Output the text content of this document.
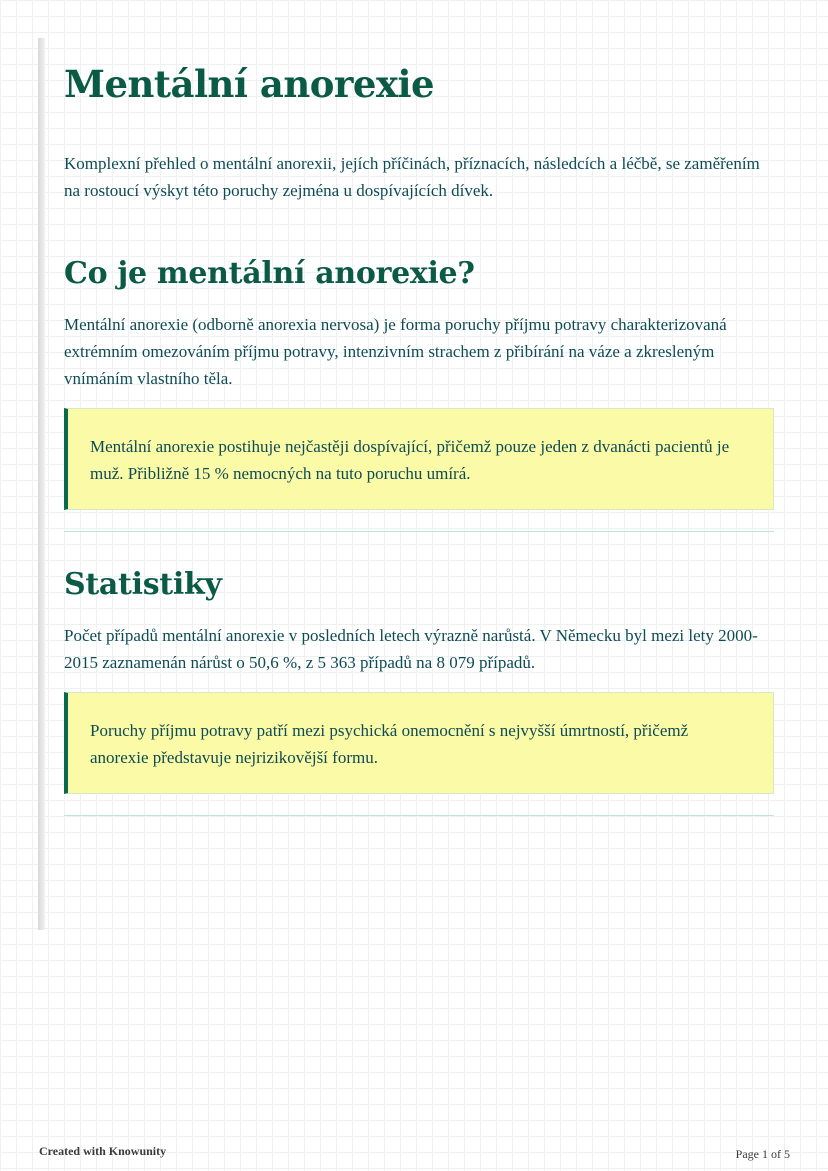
Mentální anorexie

Komplexní přehled o mentální anorexii, jejích příčinách, příznacích, následcích a léčbě, se zaměřením na rostoucí výskyt této poruchy zejména u dospívajících dívek.

Co je mentální anorexie?

Mentální anorexie (odborně anorexia nervosa) je forma poruchy příjmu potravy charakterizovaná extrémním omezováním příjmu potravy, intenzivním strachem z přibírání na váze a zkresleným vnímáním vlastního těla.

Mentální anorexie postihuje nejčastěji dospívající, přičemž pouze jeden z dvanácti pacientů je muž. Přibližně 15 % nemocných na tuto poruchu umírá.
Statistiky

Počet případů mentální anorexie v posledních letech výrazně narůstá. V Německu byl mezi lety 2000-2015 zaznamenán nárůst o 50,6 %, z 5 363 případů na 8 079 případů.

Poruchy příjmu potravy patří mezi psychická onemocnění s nejvyšší úmrtností, přičemž anorexie představuje nejrizikovější formu.
Created with Knowunity	Page 1 of 5
